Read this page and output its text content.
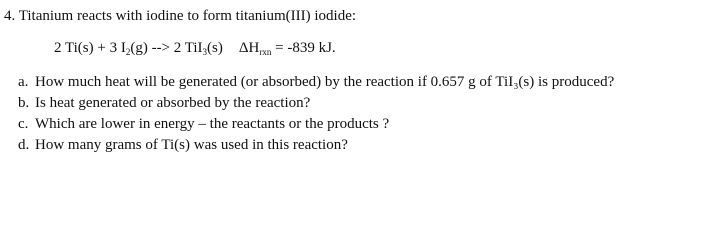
4. Titanium reacts with iodine to form titanium(III) iodide:
2 Ti(s) + 3 $I_2(g)$ --> 2 TiI$_3$(s) $\Delta H_{rxn} = -839$ kJ.
a. How much heat will be generated (or absorbed) by the reaction if 0.657 g of TiI₃(s) is produced?
b. Is heat generated or absorbed by the reaction?
c. Which are lower in energy – the reactants or the products ?
d. How many grams of Ti(s) was used in this reaction?
